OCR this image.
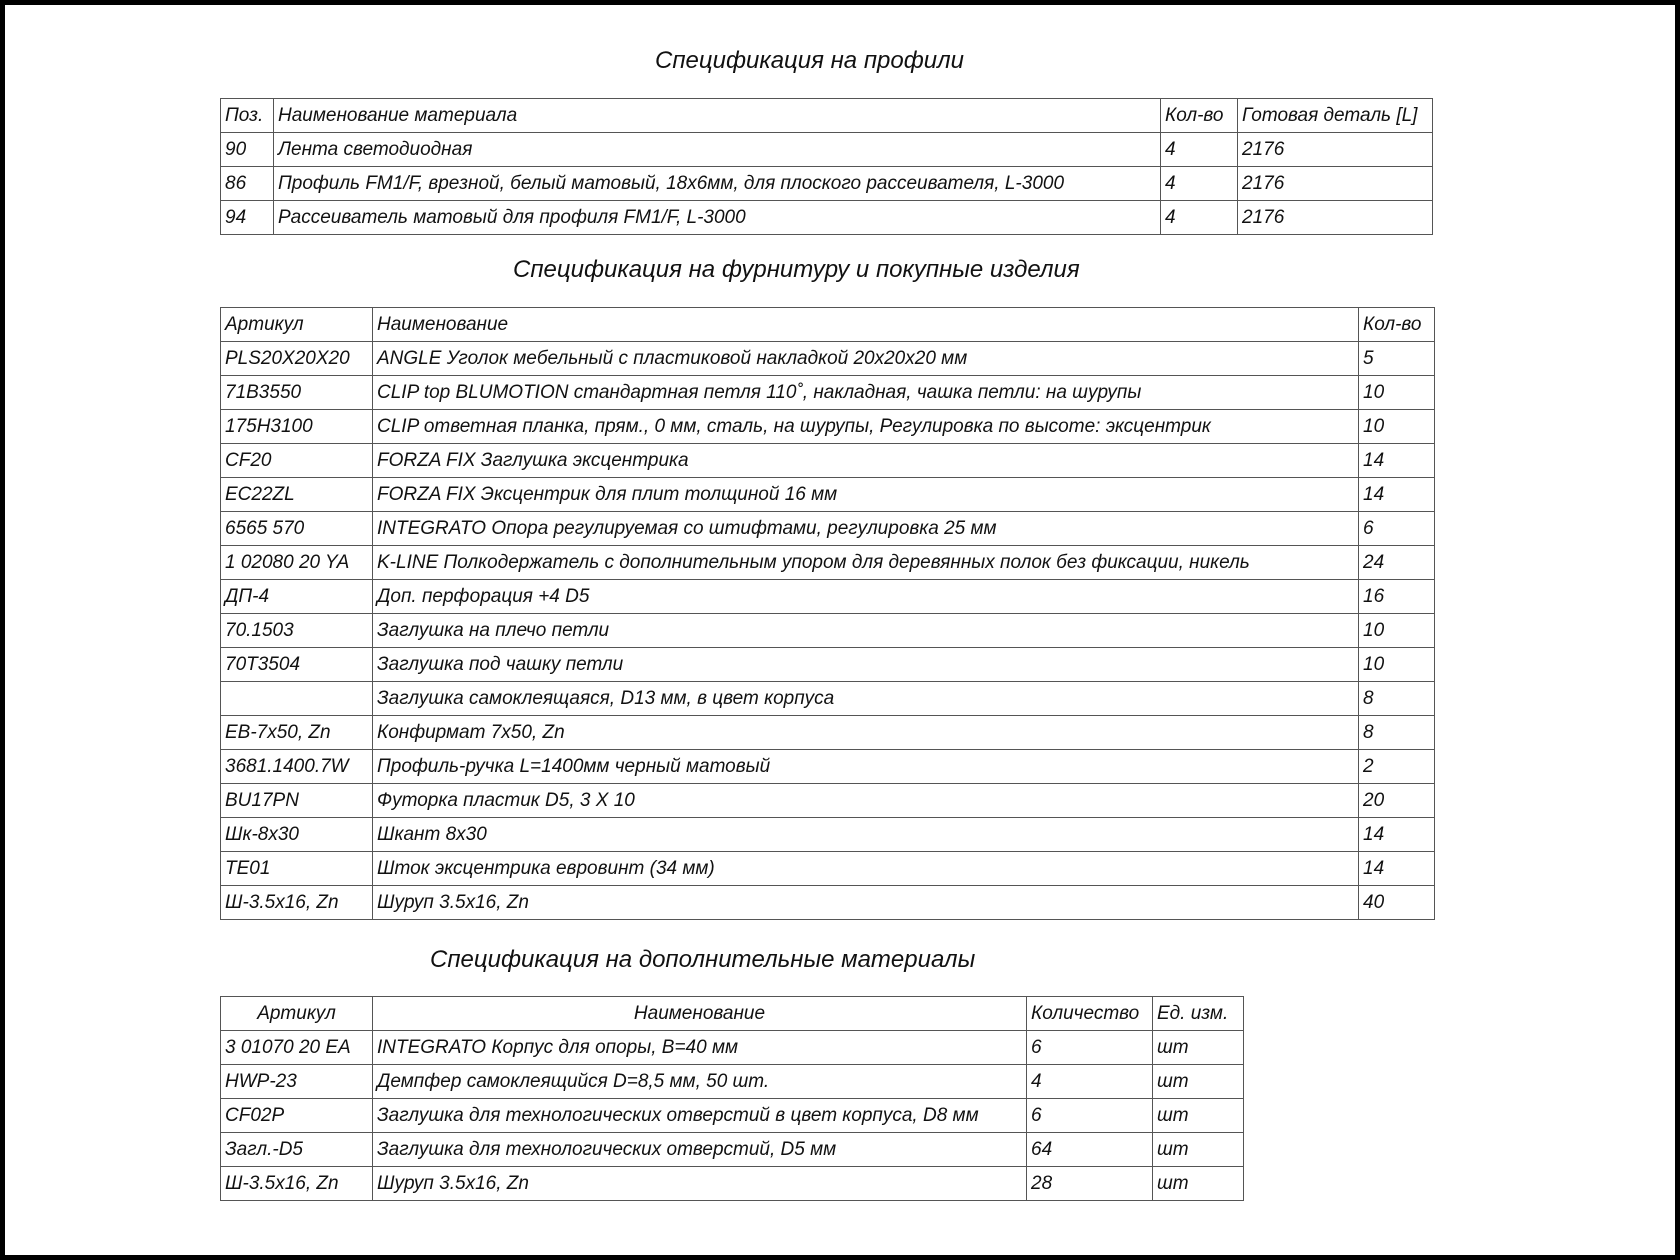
Спецификация на профили
Поз.	Наименование материала	Кол-во	Готовая деталь [L]
90	Лента светодиодная	4	2176
86	Профиль FM1/F, врезной, белый матовый, 18x6мм, для плоского рассеивателя, L-3000	4	2176
94	Рассеиватель матовый для профиля FM1/F, L-3000	4	2176
Спецификация на фурнитуру и покупные изделия
Артикул	Наименование	Кол-во
PLS20X20X20	ANGLE Уголок мебельный с пластиковой накладкой 20x20x20 мм	5
71B3550	CLIP top BLUMOTION стандартная петля 110˚, накладная, чашка петли: на шурупы	10
175H3100	CLIP ответная планка, прям., 0 мм, сталь, на шурупы, Регулировка по высоте: эксцентрик	10
CF20	FORZA FIX Заглушка эксцентрика	14
EC22ZL	FORZA FIX Эксцентрик для плит толщиной 16 мм	14
6565 570	INTEGRATO Опора регулируемая со штифтами, регулировка 25 мм	6
1 02080 20 YA	K-LINE Полкодержатель с дополнительным упором для деревянных полок без фиксации, никель	24
ДП-4	Доп. перфорация +4 D5	16
70.1503	Заглушка на плечо петли	10
70T3504	Заглушка под чашку петли	10
	Заглушка самоклеящаяся, D13 мм, в цвет корпуса	8
EB-7x50, Zn	Конфирмат 7x50, Zn	8
3681.1400.7W	Профиль-ручка L=1400мм черный матовый	2
BU17PN	Футорка пластик D5, 3 X 10	20
Шк-8x30	Шкант 8x30	14
TE01	Шток эксцентрика евровинт (34 мм)	14
Ш-3.5x16, Zn	Шуруп 3.5x16, Zn	40
Спецификация на дополнительные материалы
Артикул	Наименование	Количество	Ед. изм.
3 01070 20 EA	INTEGRATO Корпус для опоры, B=40 мм	6	шт
HWP-23	Демпфер самоклеящийся D=8,5 мм, 50 шт.	4	шт
CF02P	Заглушка для технологических отверстий в цвет корпуса, D8 мм	6	шт
Загл.-D5	Заглушка для технологических отверстий, D5 мм	64	шт
Ш-3.5x16, Zn	Шуруп 3.5x16, Zn	28	шт
